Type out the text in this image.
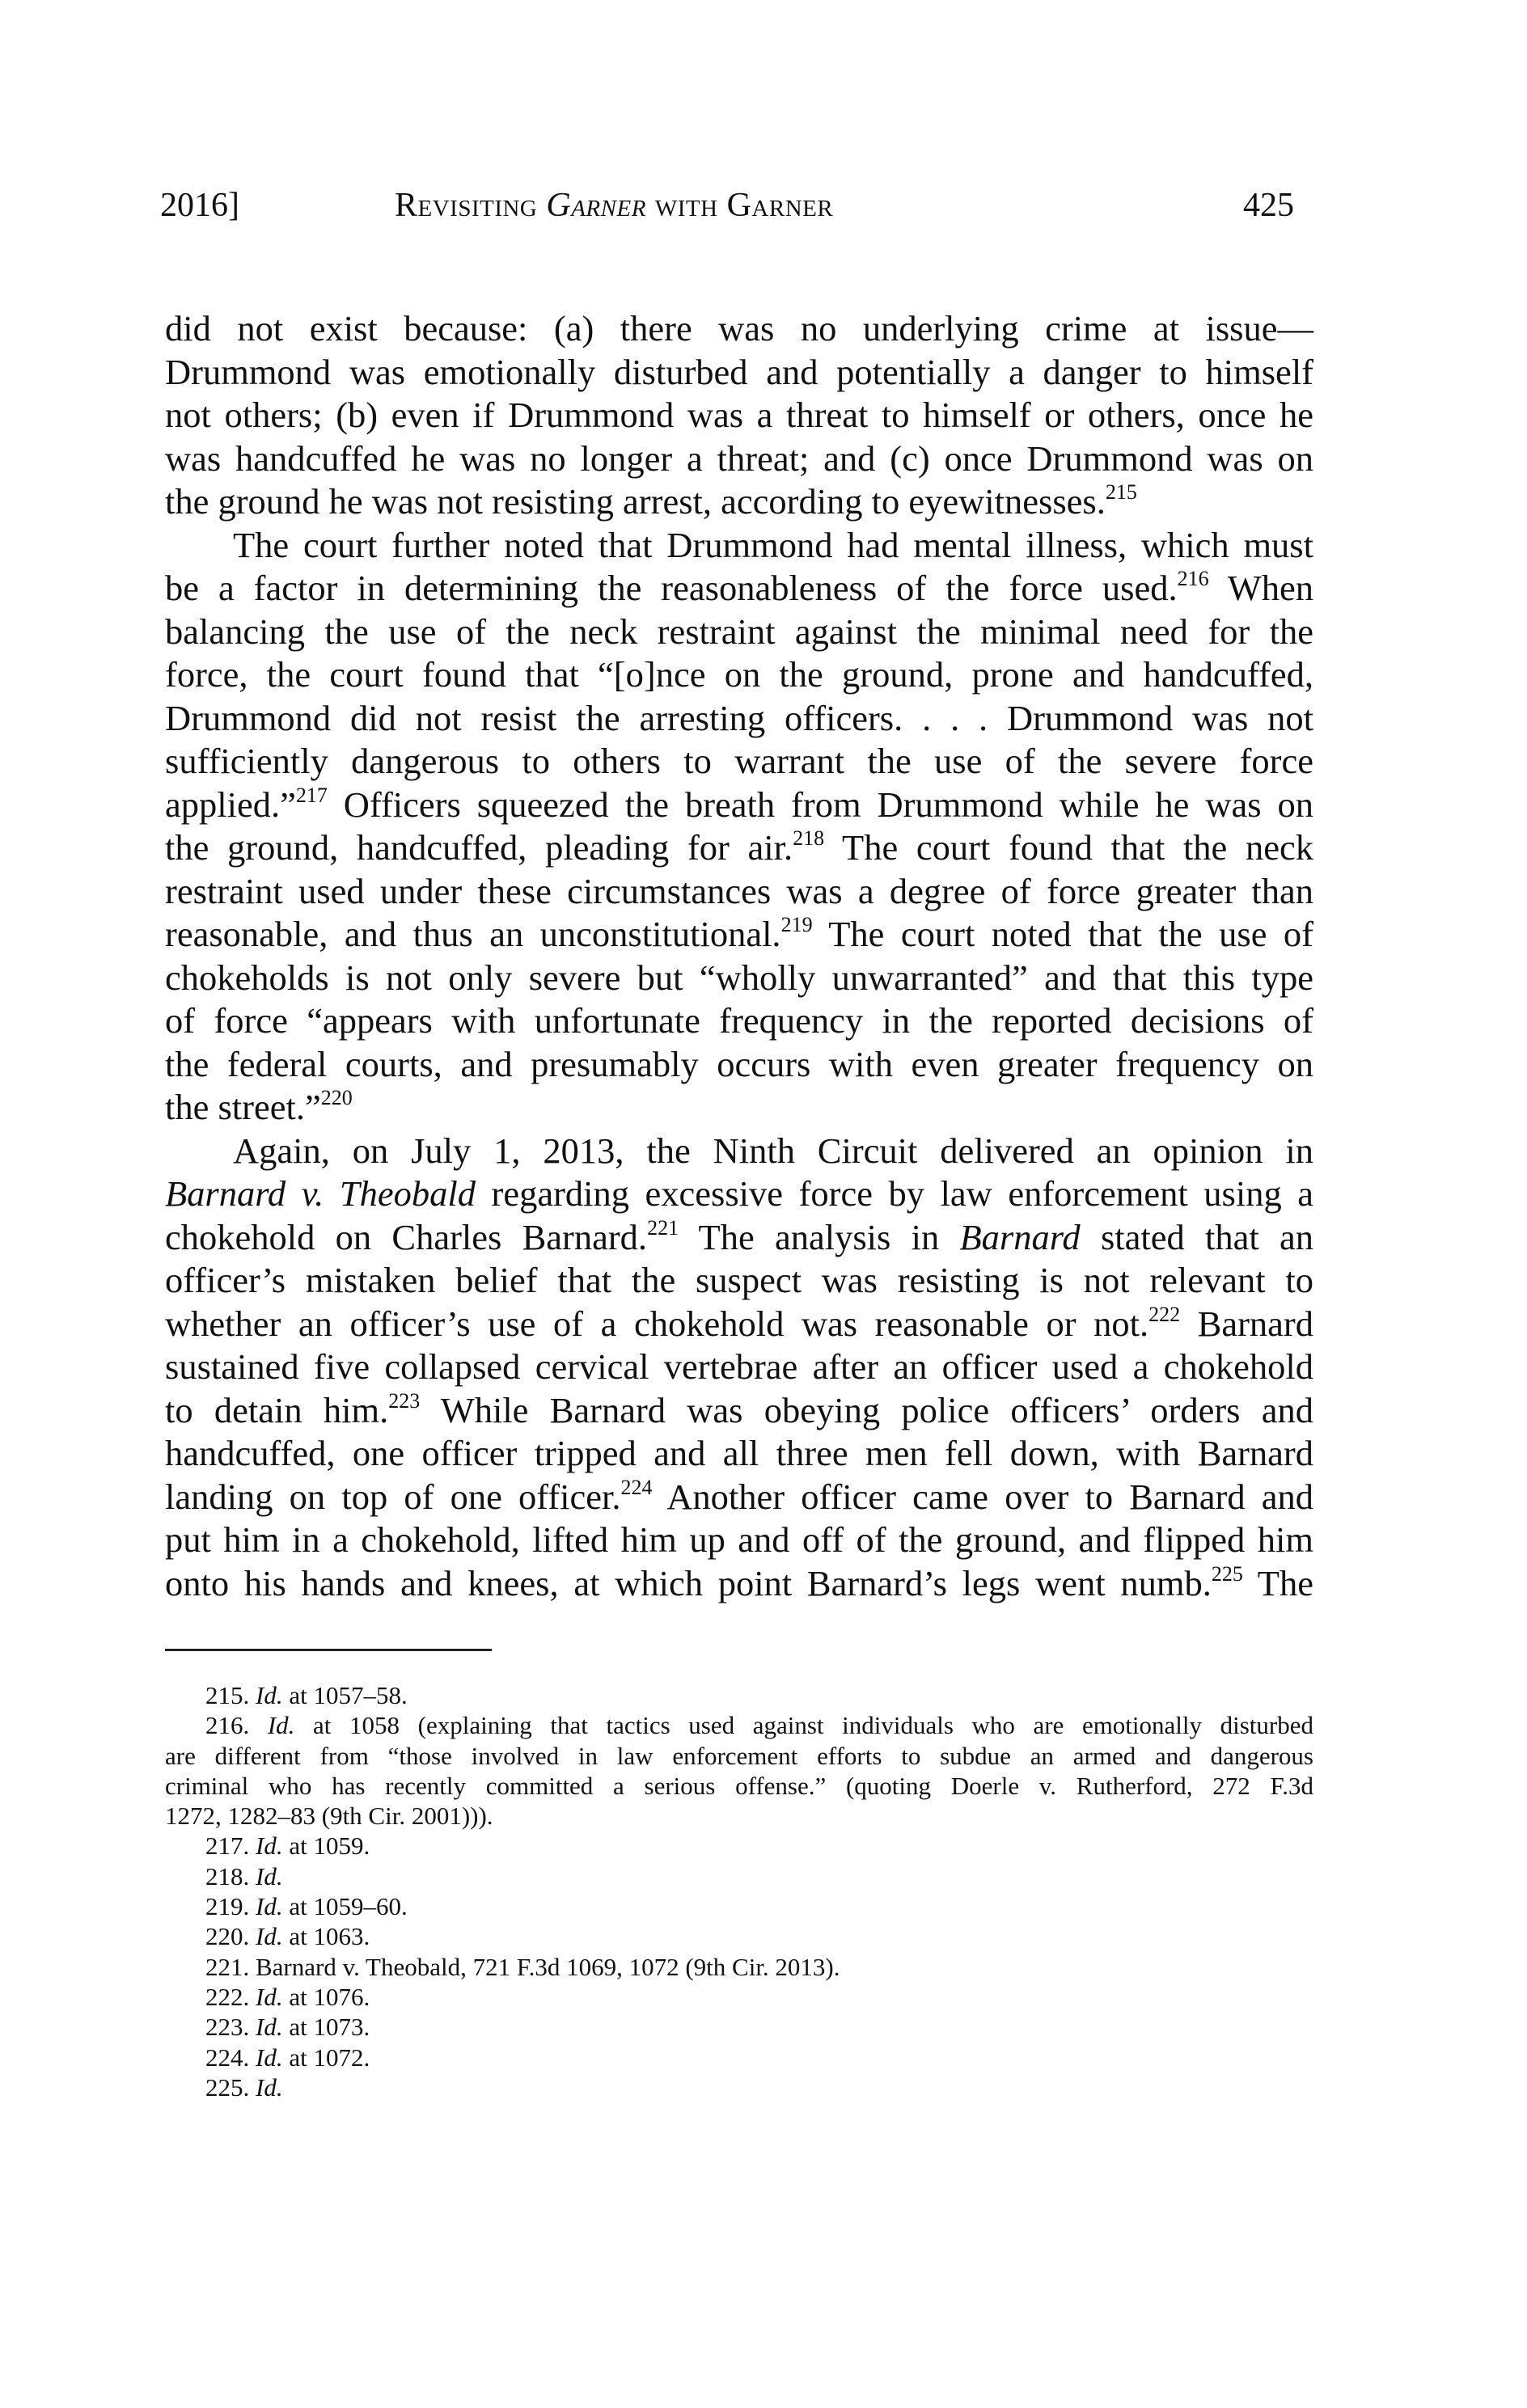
2016]	Revisiting Garner with Garner	425
did not exist because: (a) there was no underlying crime at issue—
Drummond was emotionally disturbed and potentially a danger to himself
not others; (b) even if Drummond was a threat to himself or others, once he
was handcuffed he was no longer a threat; and (c) once Drummond was on
the ground he was not resisting arrest, according to eyewitnesses.$^{215}$
The court further noted that Drummond had mental illness, which must
be a factor in determining the reasonableness of the force used.$^{216}$ When
balancing the use of the neck restraint against the minimal need for the
force, the court found that “[o]nce on the ground, prone and handcuffed,
Drummond did not resist the arresting officers. . . . Drummond was not
sufficiently dangerous to others to warrant the use of the severe force
applied.”$^{217}$ Officers squeezed the breath from Drummond while he was on
the ground, handcuffed, pleading for air.$^{218}$ The court found that the neck
restraint used under these circumstances was a degree of force greater than
reasonable, and thus an unconstitutional.$^{219}$ The court noted that the use of
chokeholds is not only severe but “wholly unwarranted” and that this type
of force “appears with unfortunate frequency in the reported decisions of
the federal courts, and presumably occurs with even greater frequency on
the street.”$^{220}$
Again, on July 1, 2013, the Ninth Circuit delivered an opinion in
Barnard v. Theobald regarding excessive force by law enforcement using a
chokehold on Charles Barnard.$^{221}$ The analysis in Barnard stated that an
officer’s mistaken belief that the suspect was resisting is not relevant to
whether an officer’s use of a chokehold was reasonable or not.$^{222}$ Barnard
sustained five collapsed cervical vertebrae after an officer used a chokehold
to detain him.$^{223}$ While Barnard was obeying police officers’ orders and
handcuffed, one officer tripped and all three men fell down, with Barnard
landing on top of one officer.$^{224}$ Another officer came over to Barnard and
put him in a chokehold, lifted him up and off of the ground, and flipped him
onto his hands and knees, at which point Barnard’s legs went numb.$^{225}$ The
215. Id. at 1057–58.
216. Id. at 1058 (explaining that tactics used against individuals who are emotionally disturbed
are different from “those involved in law enforcement efforts to subdue an armed and dangerous
criminal who has recently committed a serious offense.” (quoting Doerle v. Rutherford, 272 F.3d
1272, 1282–83 (9th Cir. 2001))).
217. Id. at 1059.
218. Id.
219. Id. at 1059–60.
220. Id. at 1063.
221. Barnard v. Theobald, 721 F.3d 1069, 1072 (9th Cir. 2013).
222. Id. at 1076.
223. Id. at 1073.
224. Id. at 1072.
225. Id.
